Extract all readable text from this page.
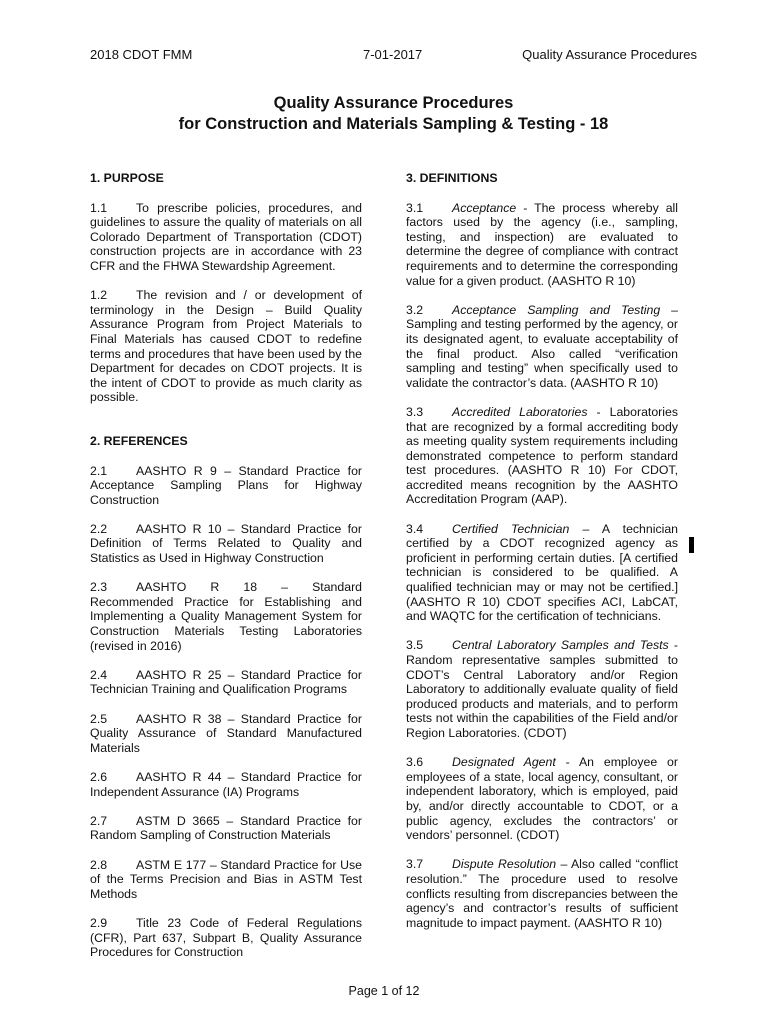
2018 CDOT FMM	7-01-2017	Quality Assurance Procedures
Quality Assurance Procedures
for Construction and Materials Sampling & Testing - 18
1. PURPOSE
1.1 To prescribe policies, procedures, and guidelines to assure the quality of materials on all Colorado Department of Transportation (CDOT) construction projects are in accordance with 23 CFR and the FHWA Stewardship Agreement.
1.2 The revision and / or development of terminology in the Design – Build Quality Assurance Program from Project Materials to Final Materials has caused CDOT to redefine terms and procedures that have been used by the Department for decades on CDOT projects. It is the intent of CDOT to provide as much clarity as possible.
2. REFERENCES
2.1 AASHTO R 9 – Standard Practice for Acceptance Sampling Plans for Highway Construction
2.2 AASHTO R 10 – Standard Practice for Definition of Terms Related to Quality and Statistics as Used in Highway Construction
2.3 AASHTO R 18 – Standard Recommended Practice for Establishing and Implementing a Quality Management System for Construction Materials Testing Laboratories (revised in 2016)
2.4 AASHTO R 25 – Standard Practice for Technician Training and Qualification Programs
2.5 AASHTO R 38 – Standard Practice for Quality Assurance of Standard Manufactured Materials
2.6 AASHTO R 44 – Standard Practice for Independent Assurance (IA) Programs
2.7 ASTM D 3665 – Standard Practice for Random Sampling of Construction Materials
2.8 ASTM E 177 – Standard Practice for Use of the Terms Precision and Bias in ASTM Test Methods
2.9 Title 23 Code of Federal Regulations (CFR), Part 637, Subpart B, Quality Assurance Procedures for Construction
3. DEFINITIONS
3.1 Acceptance - The process whereby all factors used by the agency (i.e., sampling, testing, and inspection) are evaluated to determine the degree of compliance with contract requirements and to determine the corresponding value for a given product. (AASHTO R 10)
3.2 Acceptance Sampling and Testing – Sampling and testing performed by the agency, or its designated agent, to evaluate acceptability of the final product. Also called “verification sampling and testing” when specifically used to validate the contractor’s data. (AASHTO R 10)
3.3 Accredited Laboratories - Laboratories that are recognized by a formal accrediting body as meeting quality system requirements including demonstrated competence to perform standard test procedures. (AASHTO R 10) For CDOT, accredited means recognition by the AASHTO Accreditation Program (AAP).
3.4 Certified Technician – A technician certified by a CDOT recognized agency as proficient in performing certain duties. [A certified technician is considered to be qualified. A qualified technician may or may not be certified.] (AASHTO R 10) CDOT specifies ACI, LabCAT, and WAQTC for the certification of technicians.
3.5 Central Laboratory Samples and Tests - Random representative samples submitted to CDOT’s Central Laboratory and/or Region Laboratory to additionally evaluate quality of field produced products and materials, and to perform tests not within the capabilities of the Field and/or Region Laboratories. (CDOT)
3.6 Designated Agent - An employee or employees of a state, local agency, consultant, or independent laboratory, which is employed, paid by, and/or directly accountable to CDOT, or a public agency, excludes the contractors’ or vendors’ personnel. (CDOT)
3.7 Dispute Resolution – Also called “conflict resolution.” The procedure used to resolve conflicts resulting from discrepancies between the agency’s and contractor’s results of sufficient magnitude to impact payment. (AASHTO R 10)
Page 1 of 12
